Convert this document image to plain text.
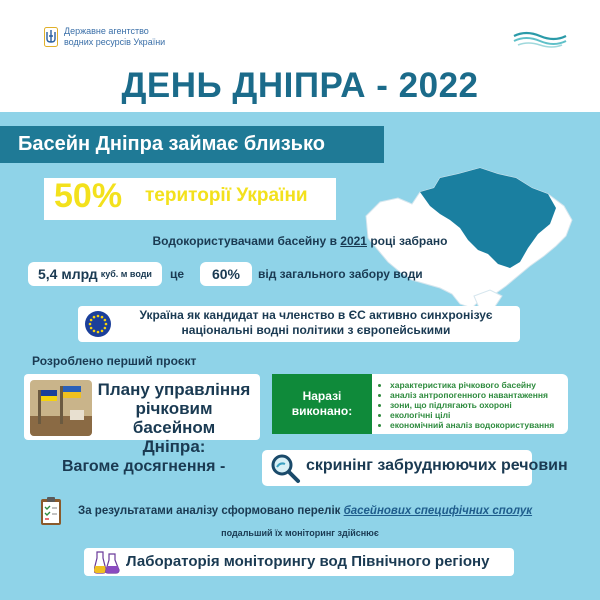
Державне агентство
водних ресурсів України
ДЕНЬ ДНІПРА - 2022
Басейн Дніпра займає близько
50% території України
Водокористувачами басейну в 2021 році забрано
5,4 млрд куб. м води це	60%	від загального забору води
Україна як кандидат на членство в ЄС активно синхронізує
національні водні політики з європейськими
Розроблено перший проєкт
Плану управління
річковим басейном
Дніпра:
Наразі
виконано:
• характеристика річкового басейну
• аналіз антропогенного навантаження
• зони, що підлягають охороні
• екологічні цілі
• економічний аналіз водокористування
Вагоме досягнення -	скринінг забруднюючих речовин
За результатами аналізу сформовано перелік басейнових специфічних сполук
подальший їх моніторинг здійснює
Лабораторія моніторингу вод Північного регіону
